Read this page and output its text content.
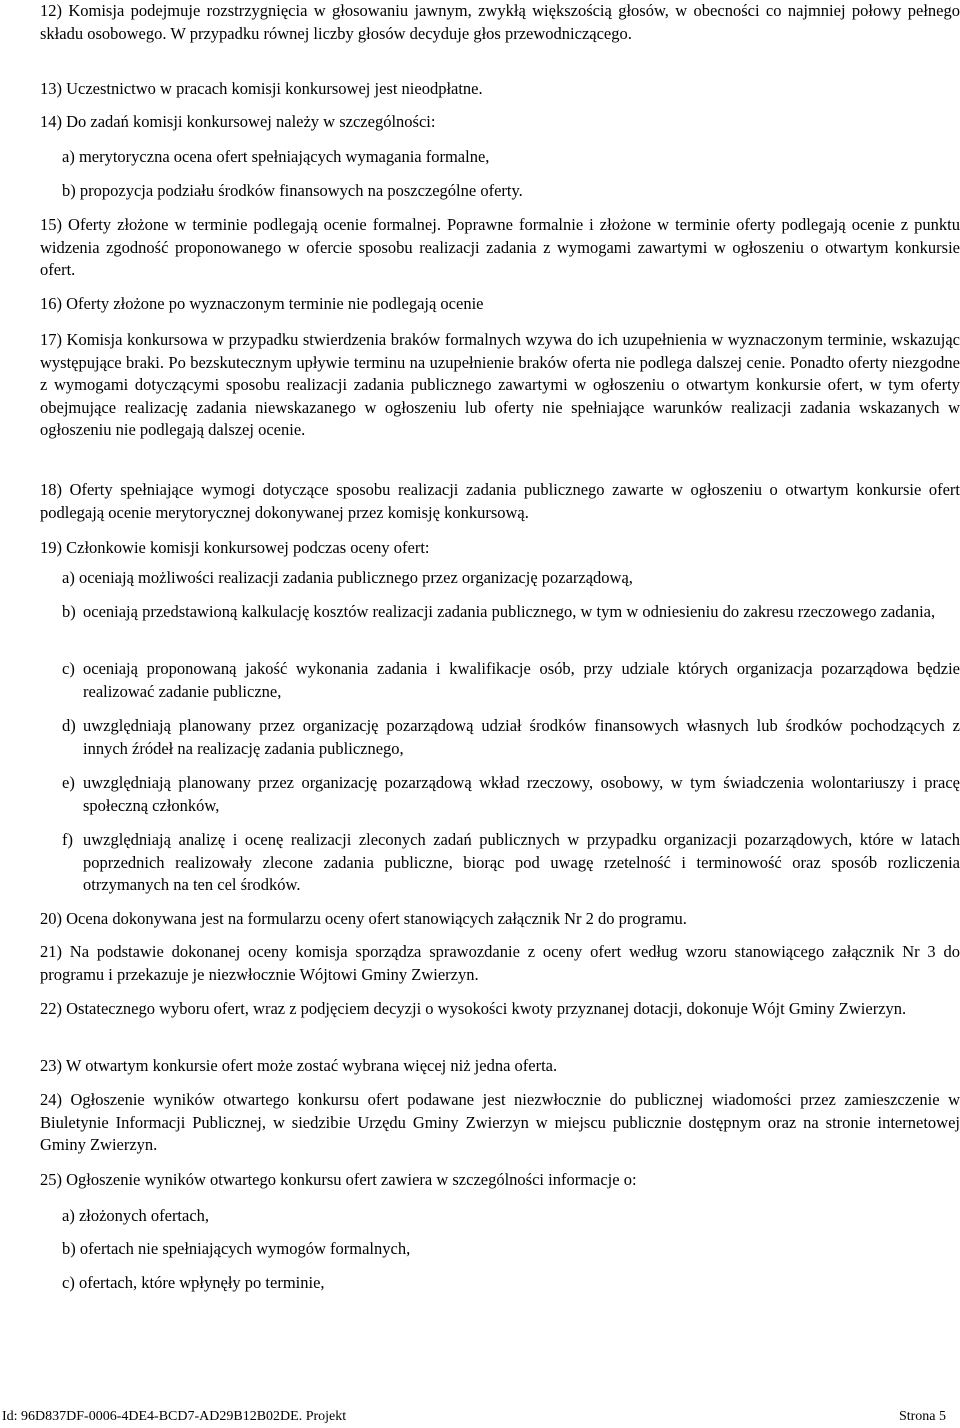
12) Komisja podejmuje rozstrzygnięcia w głosowaniu jawnym, zwykłą większością głosów, w obecności co najmniej połowy pełnego składu osobowego. W przypadku równej liczby głosów decyduje głos przewodniczącego.

13) Uczestnictwo w pracach komisji konkursowej jest nieodpłatne.

14) Do zadań komisji konkursowej należy w szczególności:

a) merytoryczna ocena ofert spełniających wymagania formalne,

b) propozycja podziału środków finansowych na poszczególne oferty.

15) Oferty złożone w terminie podlegają ocenie formalnej. Poprawne formalnie i złożone w terminie oferty podlegają ocenie z punktu widzenia zgodność proponowanego w ofercie sposobu realizacji zadania z wymogami zawartymi w ogłoszeniu o otwartym konkursie ofert.

16) Oferty złożone po wyznaczonym terminie nie podlegają ocenie

17) Komisja konkursowa w przypadku stwierdzenia braków formalnych wzywa do ich uzupełnienia w wyznaczonym terminie, wskazując występujące braki. Po bezskutecznym upływie terminu na uzupełnienie braków oferta nie podlega dalszej cenie. Ponadto oferty niezgodne z wymogami dotyczącymi sposobu realizacji zadania publicznego zawartymi w ogłoszeniu o otwartym konkursie ofert, w tym oferty obejmujące realizację zadania niewskazanego w ogłoszeniu lub oferty nie spełniające warunków realizacji zadania wskazanych w ogłoszeniu nie podlegają dalszej ocenie.

18) Oferty spełniające wymogi dotyczące sposobu realizacji zadania publicznego zawarte w ogłoszeniu o otwartym konkursie ofert podlegają ocenie merytorycznej dokonywanej przez komisję konkursową.

19) Członkowie komisji konkursowej podczas oceny ofert:

a) oceniają możliwości realizacji zadania publicznego przez organizację pozarządową,

b) oceniają przedstawioną kalkulację kosztów realizacji zadania publicznego, w tym w odniesieniu do zakresu rzeczowego zadania,
c) oceniają proponowaną jakość wykonania zadania i kwalifikacje osób, przy udziale których organizacja pozarządowa będzie realizować zadanie publiczne,
d) uwzględniają planowany przez organizację pozarządową udział środków finansowych własnych lub środków pochodzących z innych źródeł na realizację zadania publicznego,
e) uwzględniają planowany przez organizację pozarządową wkład rzeczowy, osobowy, w tym świadczenia wolontariuszy i pracę społeczną członków,
f) uwzględniają analizę i ocenę realizacji zleconych zadań publicznych w przypadku organizacji pozarządowych, które w latach poprzednich realizowały zlecone zadania publiczne, biorąc pod uwagę rzetelność i terminowość oraz sposób rozliczenia otrzymanych na ten cel środków.

20) Ocena dokonywana jest na formularzu oceny ofert stanowiących załącznik Nr 2 do programu.

21) Na podstawie dokonanej oceny komisja sporządza sprawozdanie z oceny ofert według wzoru stanowiącego załącznik Nr 3 do programu i przekazuje je niezwłocznie Wójtowi Gminy Zwierzyn.

22) Ostatecznego wyboru ofert, wraz z podjęciem decyzji o wysokości kwoty przyznanej dotacji, dokonuje Wójt Gminy Zwierzyn.

23) W otwartym konkursie ofert może zostać wybrana więcej niż jedna oferta.

24) Ogłoszenie wyników otwartego konkursu ofert podawane jest niezwłocznie do publicznej wiadomości przez zamieszczenie w Biuletynie Informacji Publicznej, w siedzibie Urzędu Gminy Zwierzyn w miejscu publicznie dostępnym oraz na stronie internetowej Gminy Zwierzyn.

25) Ogłoszenie wyników otwartego konkursu ofert zawiera w szczególności informacje o:

a) złożonych ofertach,

b) ofertach nie spełniających wymogów formalnych,

c) ofertach, które wpłynęły po terminie,

Id: 96D837DF-0006-4DE4-BCD7-AD29B12B02DE. Projekt	Strona 5
